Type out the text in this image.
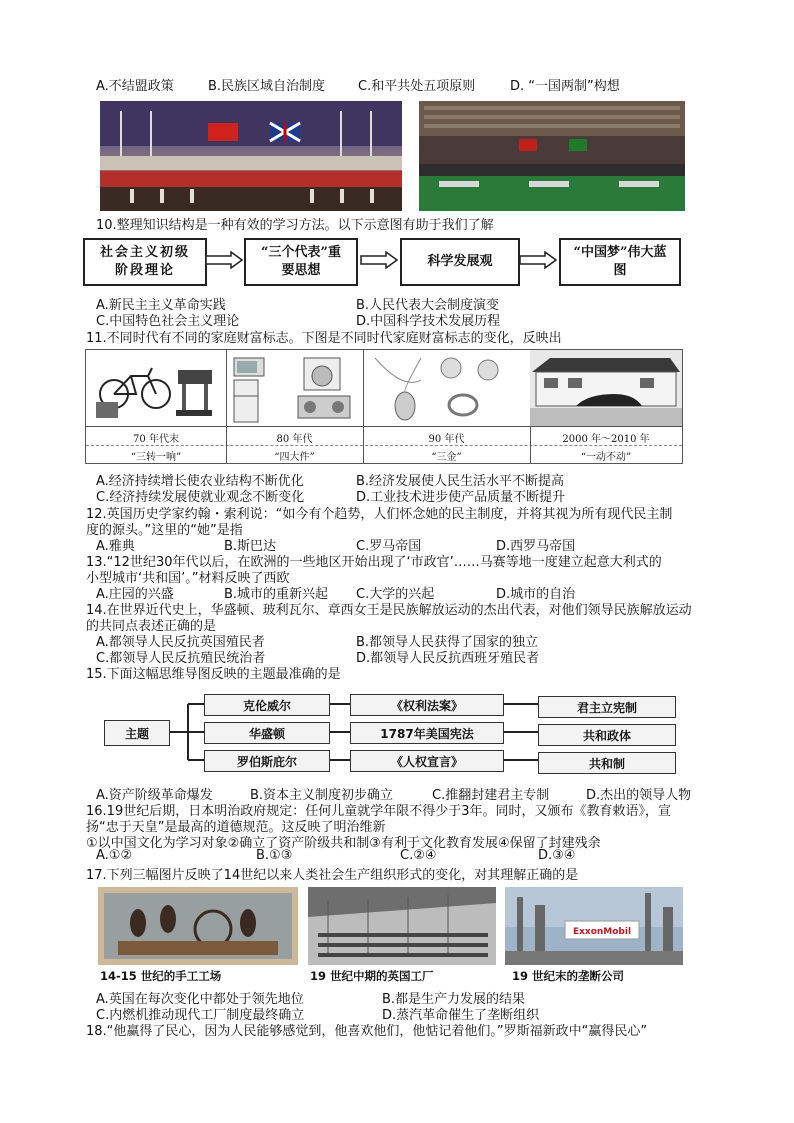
A.不结盟政策	B.民族区域自治制度	C.和平共处五项原则	D. “一国两制”构想
10.整理知识结构是一种有效的学习方法。以下示意图有助于我们了解
社会主义初级阶段理论
“三个代表”重要思想
科学发展观
“中国梦”伟大蓝图
A.新民主主义革命实践	B.人民代表大会制度演变
C.中国特色社会主义理论	D.中国科学技术发展历程
11.不同时代有不同的家庭财富标志。下图是不同时代家庭财富标志的变化，反映出
70 年代末
“三转一响”
80 年代
“四大件”
90 年代
“三金”
2000 年～2010 年
“一动不动”
A.经济持续增长使农业结构不断优化	B.经济发展使人民生活水平不断提高
C.经济持续发展使就业观念不断变化	D.工业技术进步使产品质量不断提升
12.英国历史学家约翰・索利说：“如今有个趋势，人们怀念她的民主制度，并将其视为所有现代民主制
度的源头。”这里的“她”是指
A.雅典	B.斯巴达	C.罗马帝国	D.西罗马帝国
13.“12世纪30年代以后，在欧洲的一些地区开始出现了‘市政官’……马赛等地一度建立起意大利式的
小型城市‘共和国’。”材料反映了西欧
A.庄园的兴盛	B.城市的重新兴起 C.大学的兴起	D.城市的自治
14.在世界近代史上，华盛顿、玻利瓦尔、章西女王是民族解放运动的杰出代表，对他们领导民族解放运动
的共同点表述正确的是
A.都领导人民反抗英国殖民者	B.都领导人民获得了国家的独立
C.都领导人民反抗殖民统治者	D.都领导人民反抗西班牙殖民者
15.下面这幅思维导图反映的主题最准确的是
主题
克伦威尔
华盛顿
罗伯斯庇尔
《权利法案》
1787年美国宪法
《人权宣言》
君主立宪制
共和政体
共和制
A.资产阶级革命爆发	B.资本主义制度初步确立	C.推翻封建君主专制	D.杰出的领导人物
16.19世纪后期，日本明治政府规定：任何儿童就学年限不得少于3年。同时，又颁布《教育敕语》，宣
扬“忠于天皇”是最高的道德规范。这反映了明治维新
①以中国文化为学习对象②确立了资产阶级共和制③有利于文化教育发展④保留了封建残余
A.①②	B.①③	C.②④	D.③④
17.下列三幅图片反映了14世纪以来人类社会生产组织形式的变化，对其理解正确的是
ExxonMobil
14-15 世纪的手工工场	19 世纪中期的英国工厂	19 世纪末的垄断公司
A.英国在每次变化中都处于领先地位	B.都是生产力发展的结果
C.内燃机推动现代工厂制度最终确立	D.蒸汽革命催生了垄断组织
18.“他赢得了民心，因为人民能够感觉到，他喜欢他们，他惦记着他们。”罗斯福新政中“赢得民心”
